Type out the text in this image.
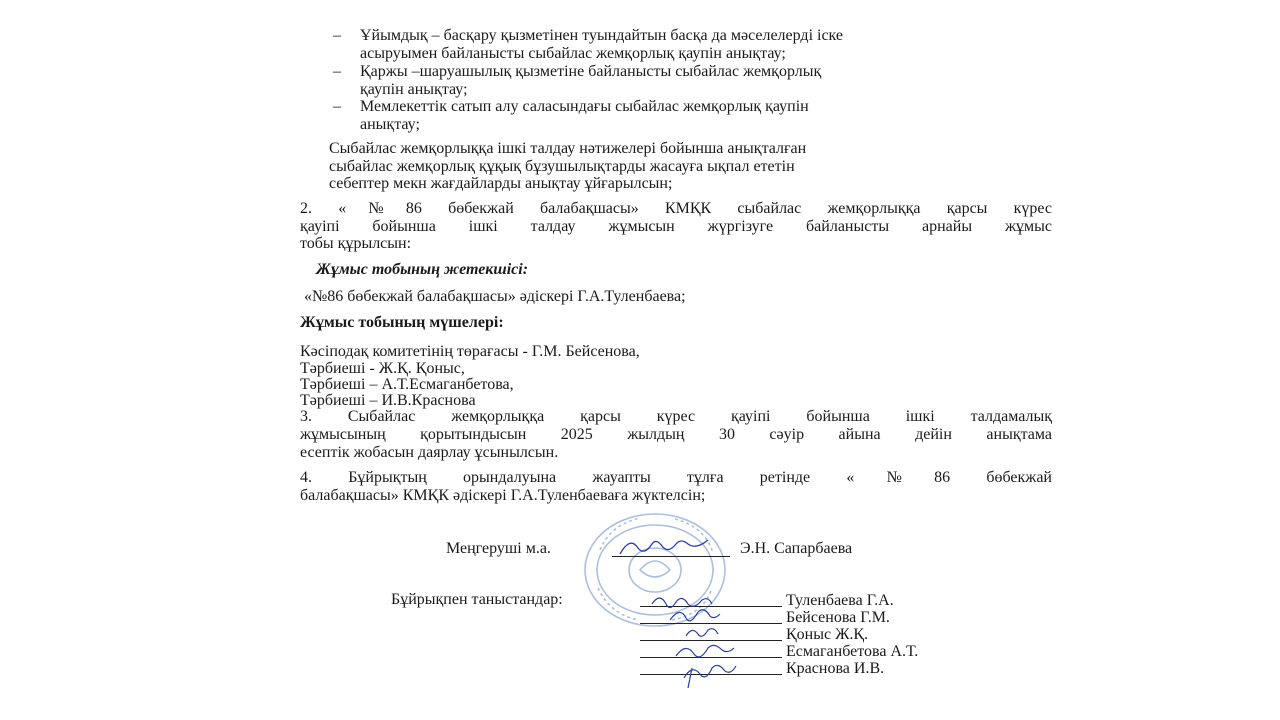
– Ұйымдық – басқару қызметінен туындайтын басқа да мәселелерді іске
асыруымен байланысты сыбайлас жемқорлық қаупін анықтау;
– Қаржы –шаруашылық қызметіне байланысты сыбайлас жемқорлық
қаупін анықтау;
– Мемлекеттік сатып алу саласындағы сыбайлас жемқорлық қаупін
анықтау;
Сыбайлас жемқорлыққа ішкі талдау нәтижелері бойынша анықталған
сыбайлас жемқорлық құқық бұзушылықтарды жасауға ықпал ететін
себептер мекн жағдайларды анықтау ұйғарылсын;
2. «№86 бөбекжай балабақшасы» КМҚК сыбайлас жемқорлыққа қарсы күрес
қауіпі бойынша ішкі талдау жұмысын жүргізуге байланысты арнайы жұмыс
тобы құрылсын:
Жұмыс тобының жетекшісі:
«№86 бөбекжай балабақшасы» әдіскері Г.А.Туленбаева;
Жұмыс тобының мүшелері:
Кәсіподақ комитетінің төрағасы - Г.М. Бейсенова,
Тәрбиеші - Ж.Қ. Қоныс,
Тәрбиеші – А.Т.Есмаганбетова,
Тәрбиеші – И.В.Краснова
3. Сыбайлас жемқорлыққа қарсы күрес қауіпі бойынша ішкі талдамалық
жұмысының қорытындысын 2025 жылдың 30 сәуір айына дейін анықтама
есептік жобасын даярлау ұсынылсын.
4. Бұйрықтың орындалуына жауапты тұлға ретінде «№86 бөбекжай
балабақшасы» КМҚК әдіскері Г.А.Туленбаеваға жүктелсін;
Меңгеруші м.а.	Э.Н. Сапарбаева
Бұйрықпен таныстандар:	Туленбаева Г.А.
Бейсенова Г.М.
Қоныс Ж.Қ.
Есмаганбетова А.Т.
Краснова И.В.
